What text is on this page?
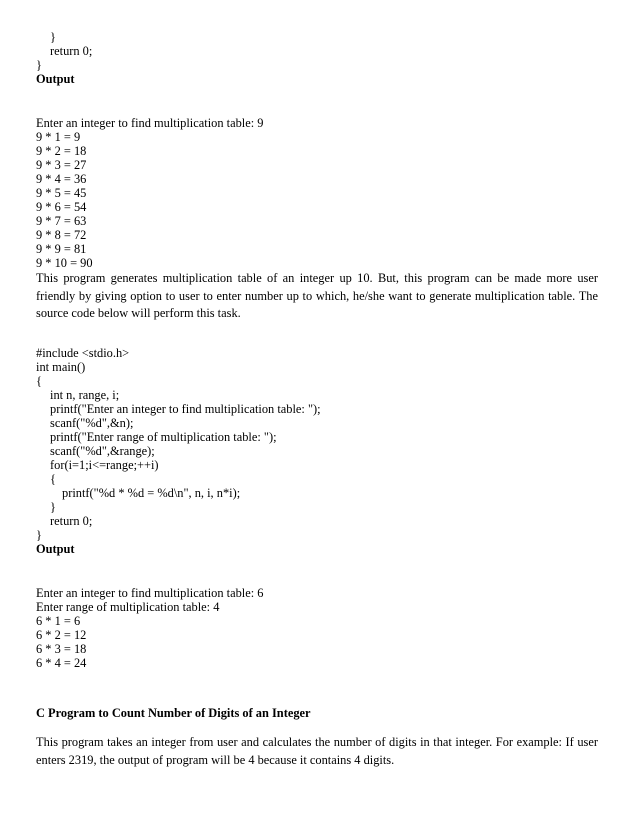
}
return 0;
}
Output
Enter an integer to find multiplication table: 9
9 * 1 = 9
9 * 2 = 18
9 * 3 = 27
9 * 4 = 36
9 * 5 = 45
9 * 6 = 54
9 * 7 = 63
9 * 8 = 72
9 * 9 = 81
9 * 10 = 90

This program generates multiplication table of an integer up 10. But, this program can be made more user friendly by giving option to user to enter number up to which, he/she want to generate multiplication table. The source code below will perform this task.

#include <stdio.h>
int main()
{
int n, range, i;
printf("Enter an integer to find multiplication table: ");
scanf("%d",&n);
printf("Enter range of multiplication table: ");
scanf("%d",&range);
for(i=1;i<=range;++i)
{
printf("%d * %d = %d\n", n, i, n*i);
}
return 0;
}
Output
Enter an integer to find multiplication table: 6
Enter range of multiplication table: 4
6 * 1 = 6
6 * 2 = 12
6 * 3 = 18
6 * 4 = 24
C Program to Count Number of Digits of an Integer

This program takes an integer from user and calculates the number of digits in that integer. For example: If user enters 2319, the output of program will be 4 because it contains 4 digits.
